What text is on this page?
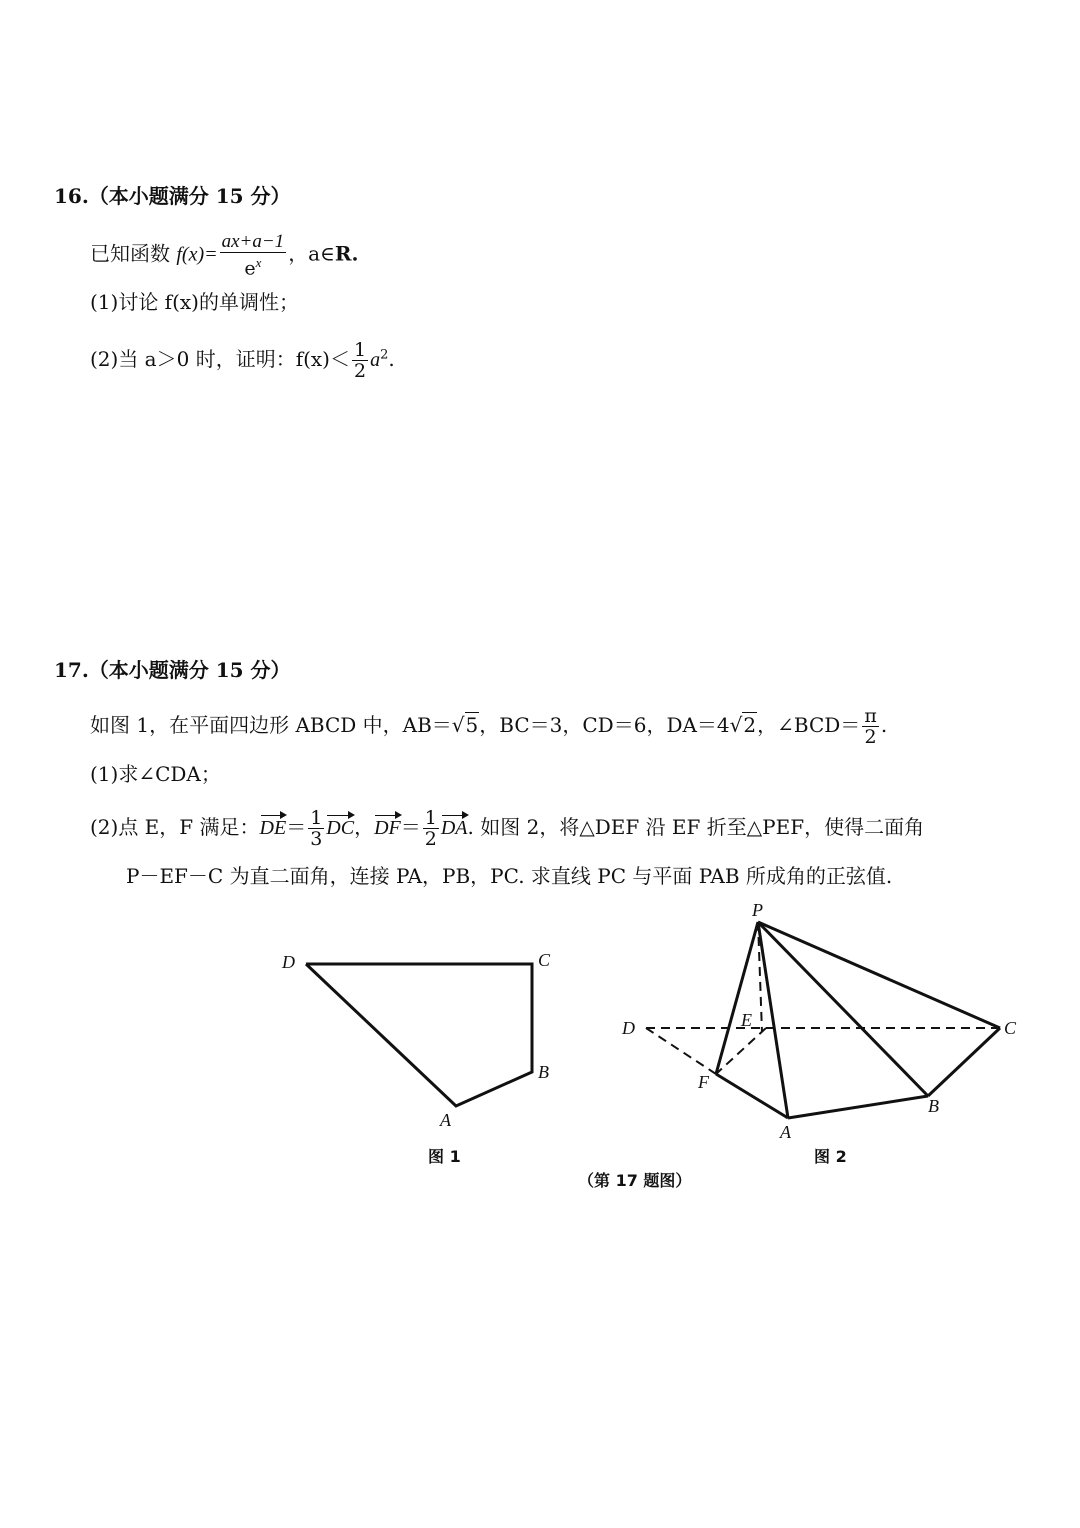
16.（本小题满分 15 分）
已知函数 $f(x)= \frac{ax+a-1}{e^x}$ ，a∈R.
(1)讨论 f(x)的单调性；
(2)当 a＞0 时，证明：$f(x)< \frac{1}{2} a^2$.
17.（本小题满分 15 分）
如图 1，在平面四边形 ABCD 中，AB＝√5，BC＝3，CD＝6，DA＝4√2，∠BCD＝ $\frac{\pi}{2}$ .
(1)求∠CDA；
(2)点 E，F 满足：$DE= \frac{1}{3}$ DC，$DF= \frac{1}{2}$ DA. 如图 2，将△DEF 沿 EF 折至△PEF，使得二面角
P－EF－C 为直二面角，连接 PA，PB，PC. 求直线 PC 与平面 PAB 所成角的正弦值.
D	C
B
A
图 1
P
D	E	C
F
B
A
图 2
（第 17 题图）
